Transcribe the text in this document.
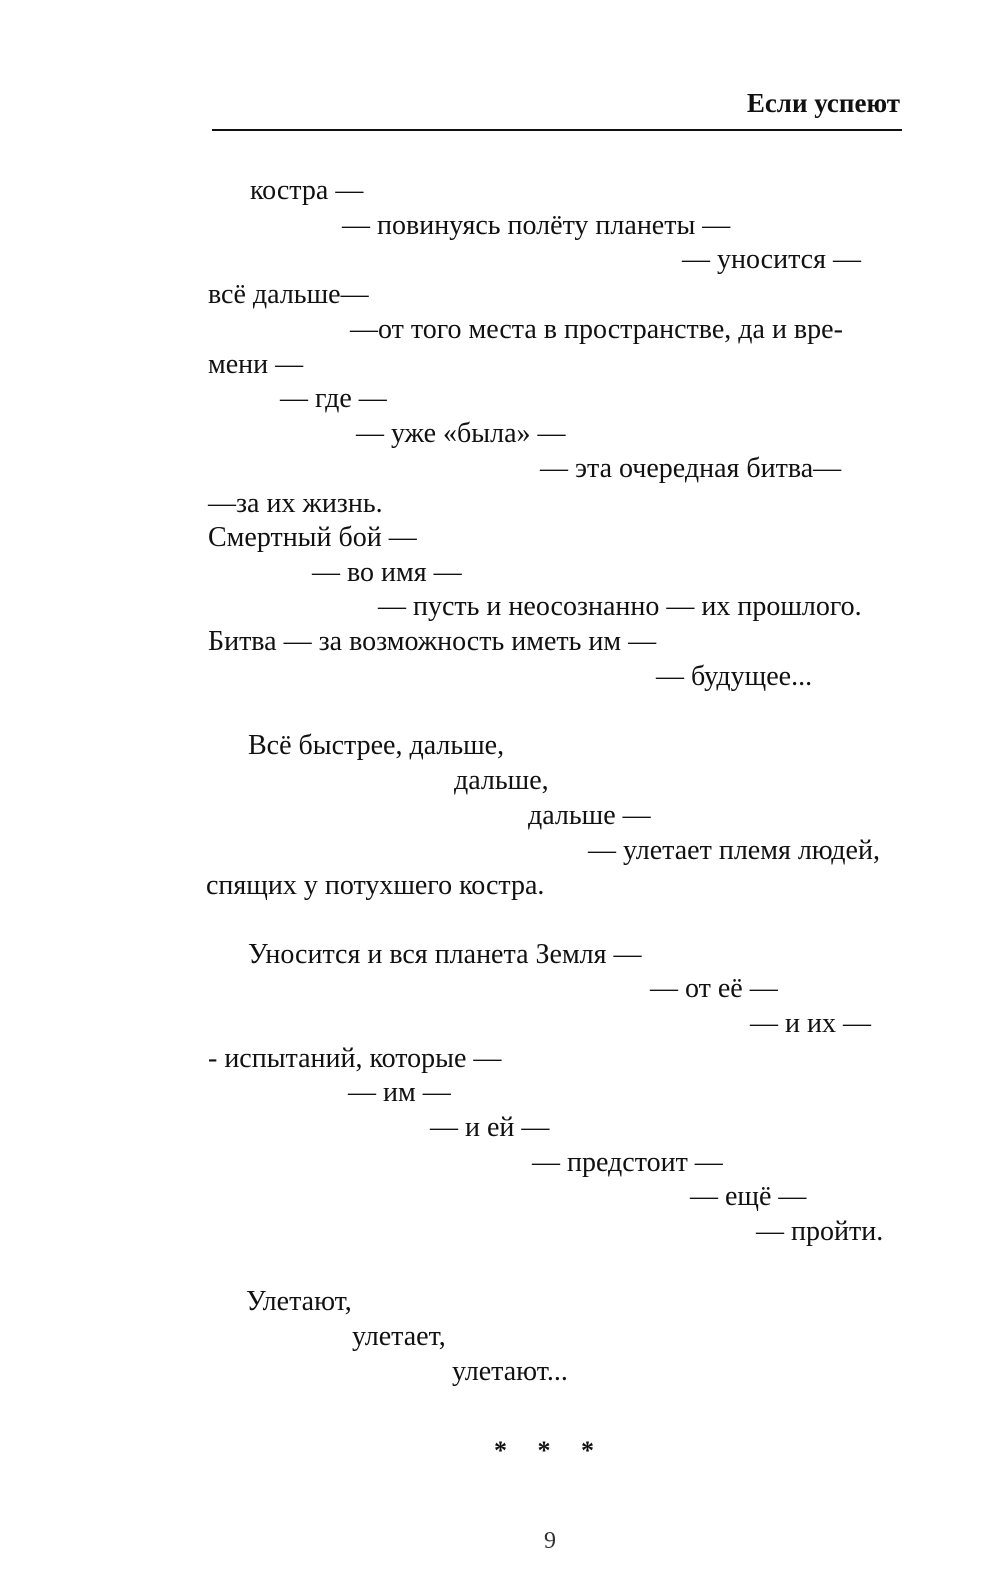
Если успеют
костра —
— повинуясь полёту планеты —
— уносится —
всё дальше—
—от того места в пространстве, да и вре-
мени —
— где —
— уже «была» —
— эта очередная битва—
—за их жизнь.
Смертный бой —
— во имя —
— пусть и неосознанно — их прошлого.
Битва — за возможность иметь им —
— будущее...
Всё быстрее, дальше,
дальше,
дальше —
— улетает племя людей,
спящих у потухшего костра.
Уносится и вся планета Земля —
— от её —
— и их —
- испытаний, которые —
— им —
— и ей —
— предстоит —
— ещё —
— пройти.
Улетают,
улетает,
улетают...
* * *
9
